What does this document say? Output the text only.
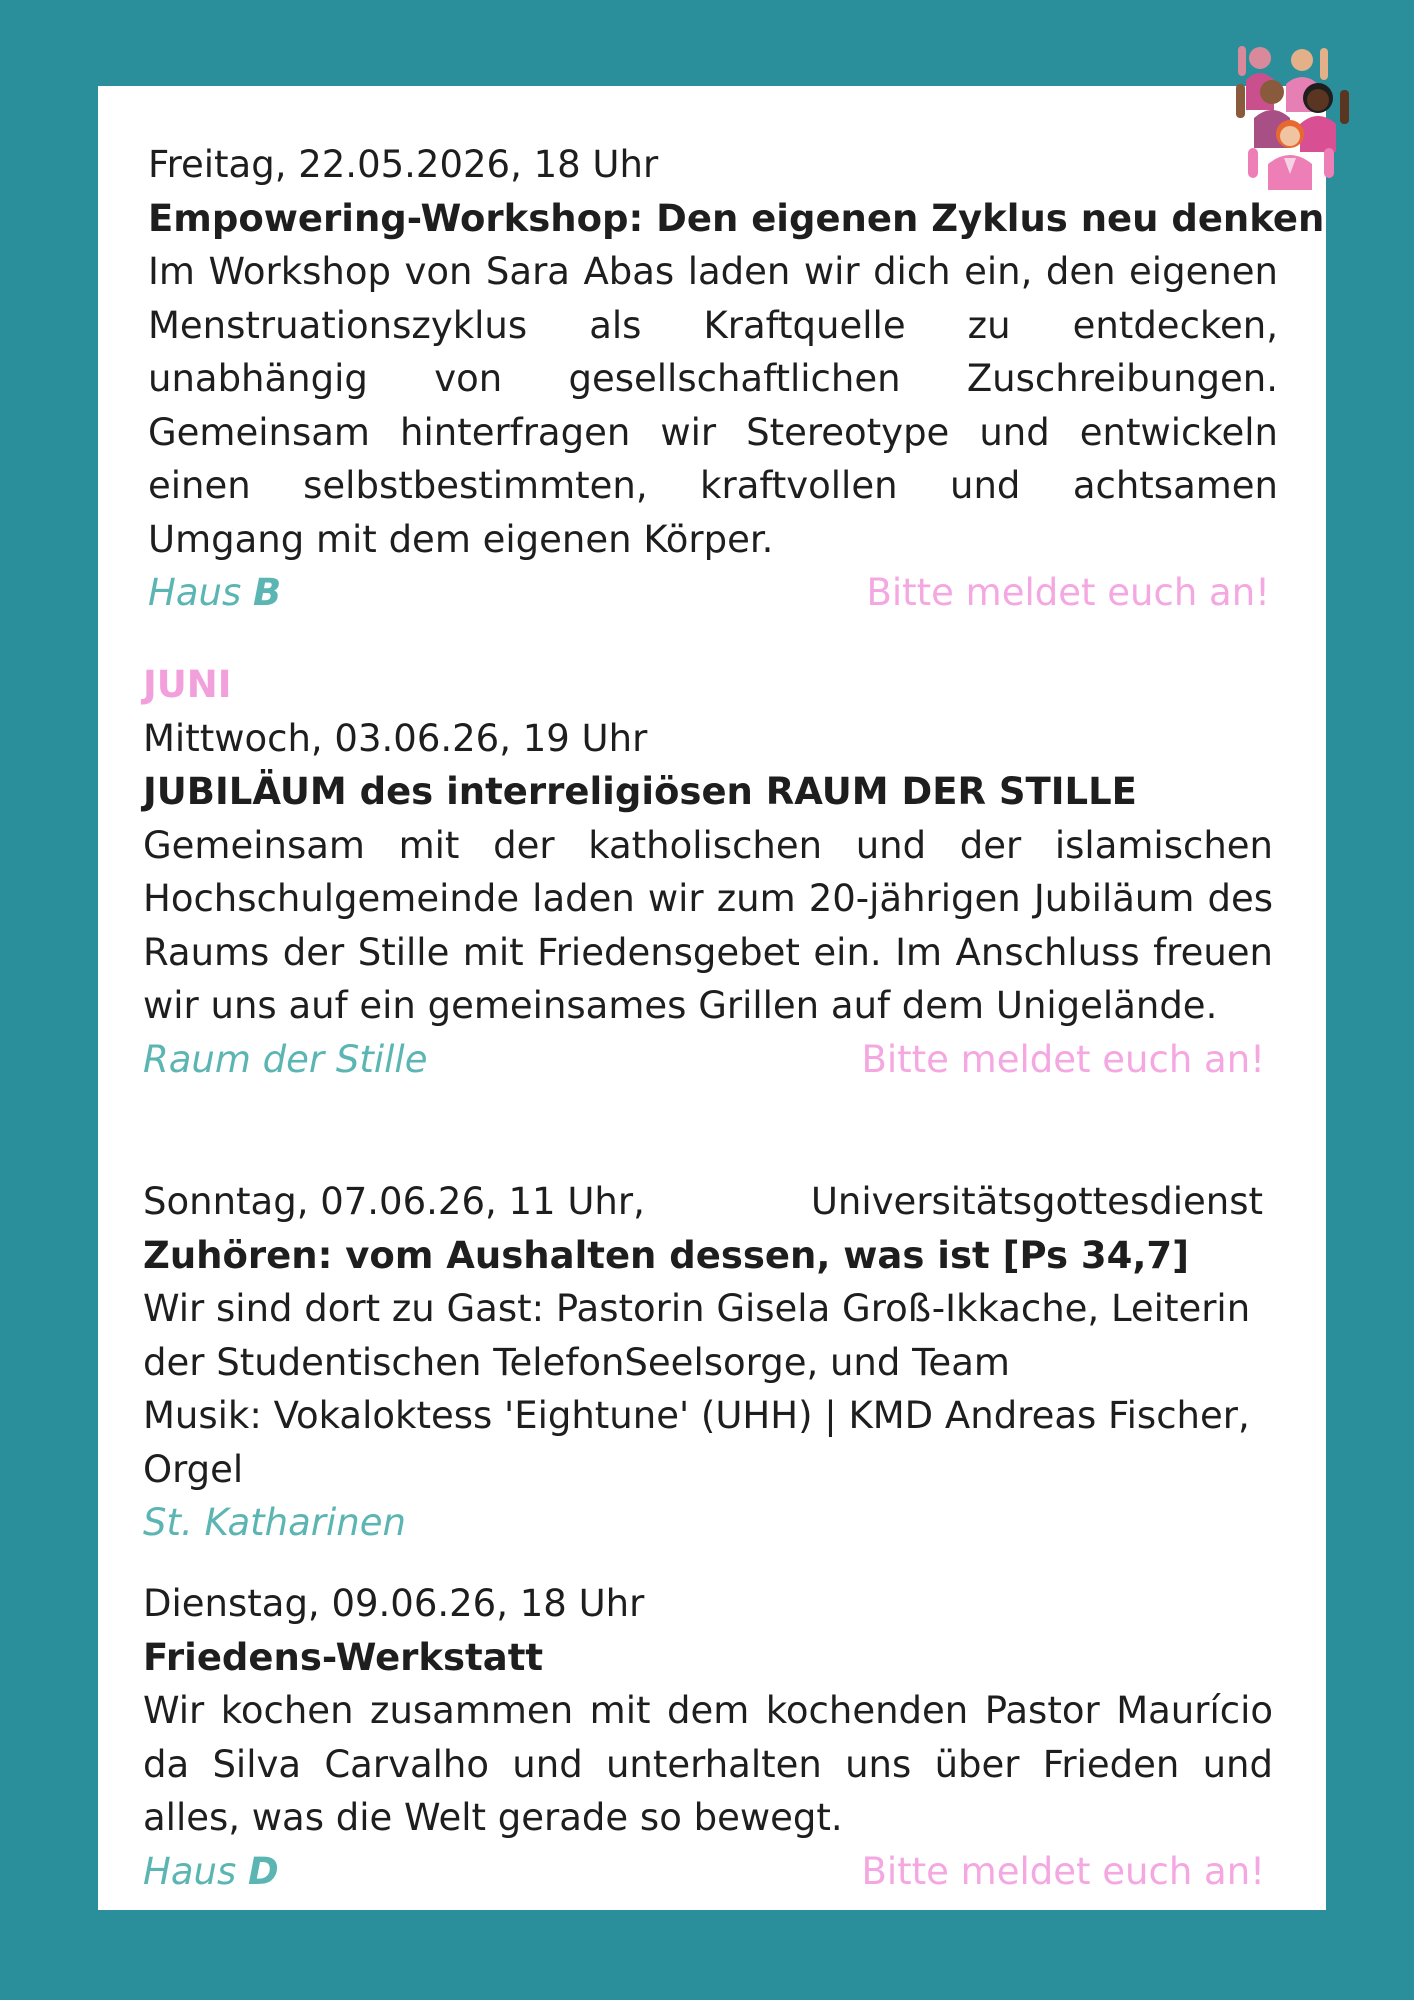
Freitag, 22.05.2026, 18 Uhr
Empowering-Workshop: Den eigenen Zyklus neu denken
Im Workshop von Sara Abas laden wir dich ein, den eigenen Menstruationszyklus als Kraftquelle zu entdecken, unabhängig von gesellschaftlichen Zuschreibungen. Gemeinsam hinterfragen wir Stereotype und entwickeln einen selbstbestimmten, kraftvollen und achtsamen Umgang mit dem eigenen Körper.
Haus B	Bitte meldet euch an!
JUNI
Mittwoch, 03.06.26, 19 Uhr
JUBILÄUM des interreligiösen RAUM DER STILLE
Gemeinsam mit der katholischen und der islamischen Hochschulgemeinde laden wir zum 20-jährigen Jubiläum des Raums der Stille mit Friedensgebet ein. Im Anschluss freuen wir uns auf ein gemeinsames Grillen auf dem Unigelände.
Raum der Stille	Bitte meldet euch an!
Sonntag, 07.06.26, 11 Uhr,	Universitätsgottesdienst
Zuhören: vom Aushalten dessen, was ist [Ps 34,7]
Wir sind dort zu Gast: Pastorin Gisela Groß-Ikkache, Leiterin der Studentischen TelefonSeelsorge, und Team
Musik: Vokaloktess 'Eightune' (UHH) | KMD Andreas Fischer, Orgel
St. Katharinen
Dienstag, 09.06.26, 18 Uhr
Friedens-Werkstatt
Wir kochen zusammen mit dem kochenden Pastor Maurício da Silva Carvalho und unterhalten uns über Frieden und alles, was die Welt gerade so bewegt.
Haus D	Bitte meldet euch an!
